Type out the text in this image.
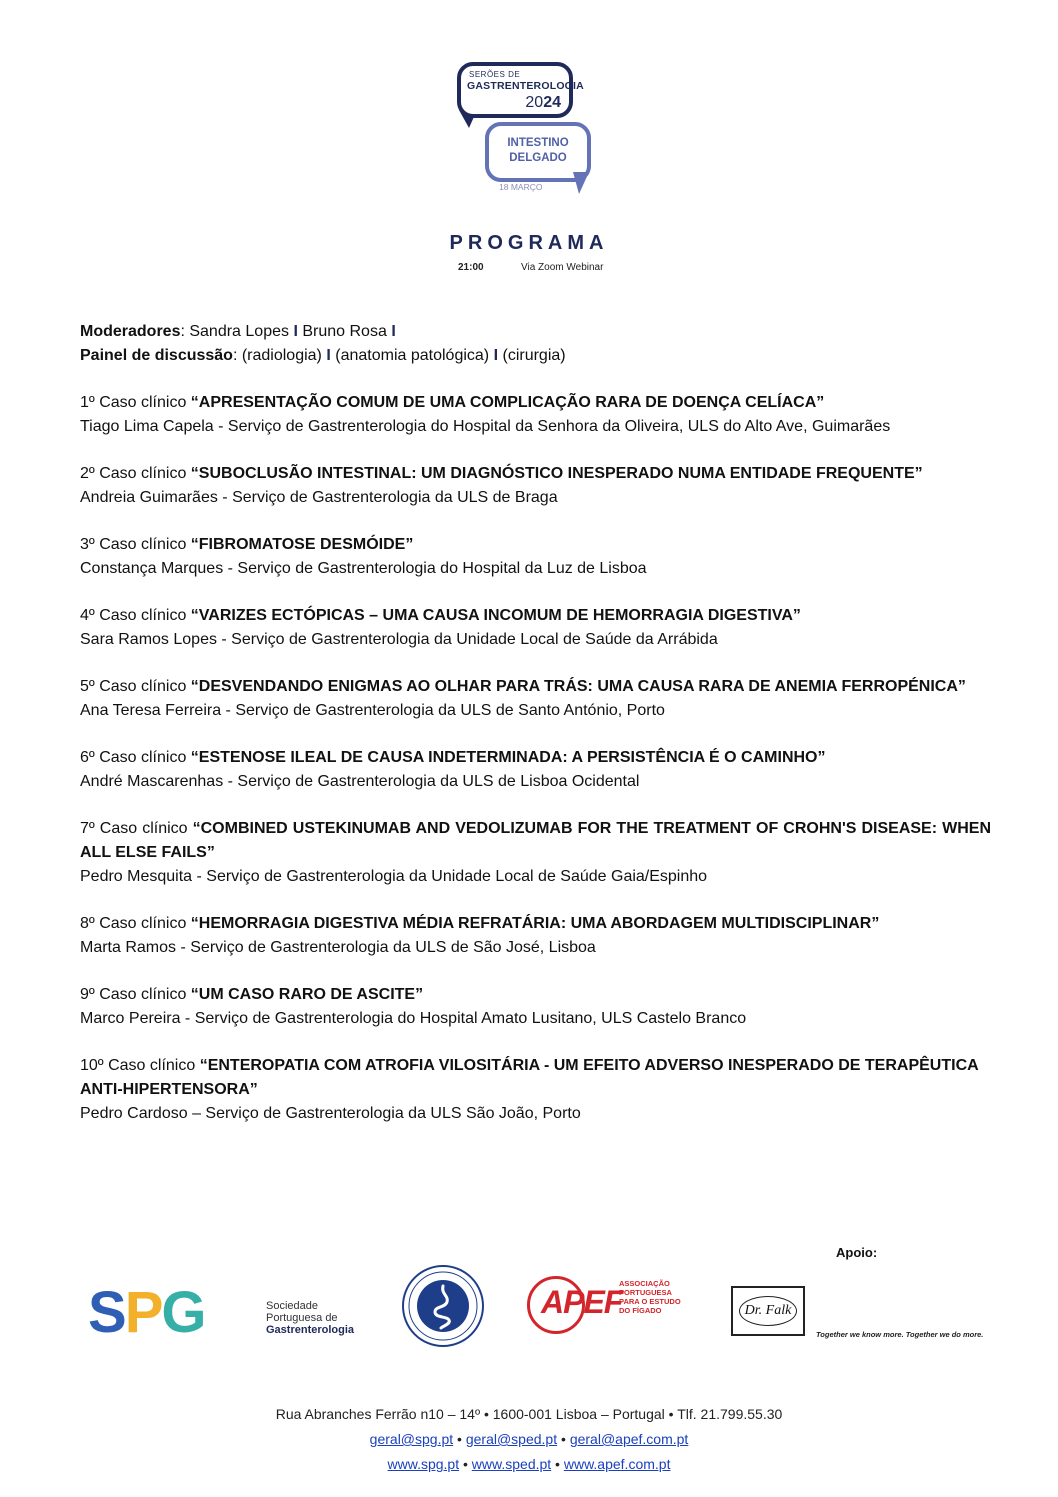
SERÕES DE
GASTRENTEROLOGIA
2024
INTESTINO
DELGADO
18 MARÇO
PROGRAMA
21:00	Via Zoom Webinar

Moderadores: Sandra Lopes I Bruno Rosa I

Painel de discussão: (radiologia) I (anatomia patológica) I (cirurgia)

1º Caso clínico “APRESENTAÇÃO COMUM DE UMA COMPLICAÇÃO RARA DE DOENÇA CELÍACA”

Tiago Lima Capela - Serviço de Gastrenterologia do Hospital da Senhora da Oliveira, ULS do Alto Ave, Guimarães

2º Caso clínico “SUBOCLUSÃO INTESTINAL: UM DIAGNÓSTICO INESPERADO NUMA ENTIDADE FREQUENTE”

Andreia Guimarães - Serviço de Gastrenterologia da ULS de Braga

3º Caso clínico “FIBROMATOSE DESMÓIDE”

Constança Marques - Serviço de Gastrenterologia do Hospital da Luz de Lisboa

4º Caso clínico “VARIZES ECTÓPICAS – UMA CAUSA INCOMUM DE HEMORRAGIA DIGESTIVA”

Sara Ramos Lopes - Serviço de Gastrenterologia da Unidade Local de Saúde da Arrábida

5º Caso clínico “DESVENDANDO ENIGMAS AO OLHAR PARA TRÁS: UMA CAUSA RARA DE ANEMIA FERROPÉNICA”

Ana Teresa Ferreira - Serviço de Gastrenterologia da ULS de Santo António, Porto

6º Caso clínico “ESTENOSE ILEAL DE CAUSA INDETERMINADA: A PERSISTÊNCIA É O CAMINHO”

André Mascarenhas - Serviço de Gastrenterologia da ULS de Lisboa Ocidental

7º Caso clínico “COMBINED USTEKINUMAB AND VEDOLIZUMAB FOR THE TREATMENT OF CROHN'S DISEASE: WHEN ALL ELSE FAILS”

Pedro Mesquita - Serviço de Gastrenterologia da Unidade Local de Saúde Gaia/Espinho

8º Caso clínico “HEMORRAGIA DIGESTIVA MÉDIA REFRATÁRIA: UMA ABORDAGEM MULTIDISCIPLINAR”

Marta Ramos - Serviço de Gastrenterologia da ULS de São José, Lisboa

9º Caso clínico “UM CASO RARO DE ASCITE”

Marco Pereira - Serviço de Gastrenterologia do Hospital Amato Lusitano, ULS Castelo Branco

10º Caso clínico “ENTEROPATIA COM ATROFIA VILOSITÁRIA - UM EFEITO ADVERSO INESPERADO DE TERAPÊUTICA ANTI-HIPERTENSORA”

Pedro Cardoso – Serviço de Gastrenterologia da ULS São João, Porto

Apoio:
SPG	Sociedade
Portuguesa de
Gastrenterologia
APEF
ASSOCIAÇÃO
PORTUGUESA
PARA O ESTUDO
DO FÍGADO	Dr. Falk
Together we know more. Together we do more.
Rua Abranches Ferrão n10 – 14º • 1600-001 Lisboa – Portugal • Tlf. 21.799.55.30
geral@spg.pt • geral@sped.pt • geral@apef.com.pt
www.spg.pt • www.sped.pt • www.apef.com.pt
